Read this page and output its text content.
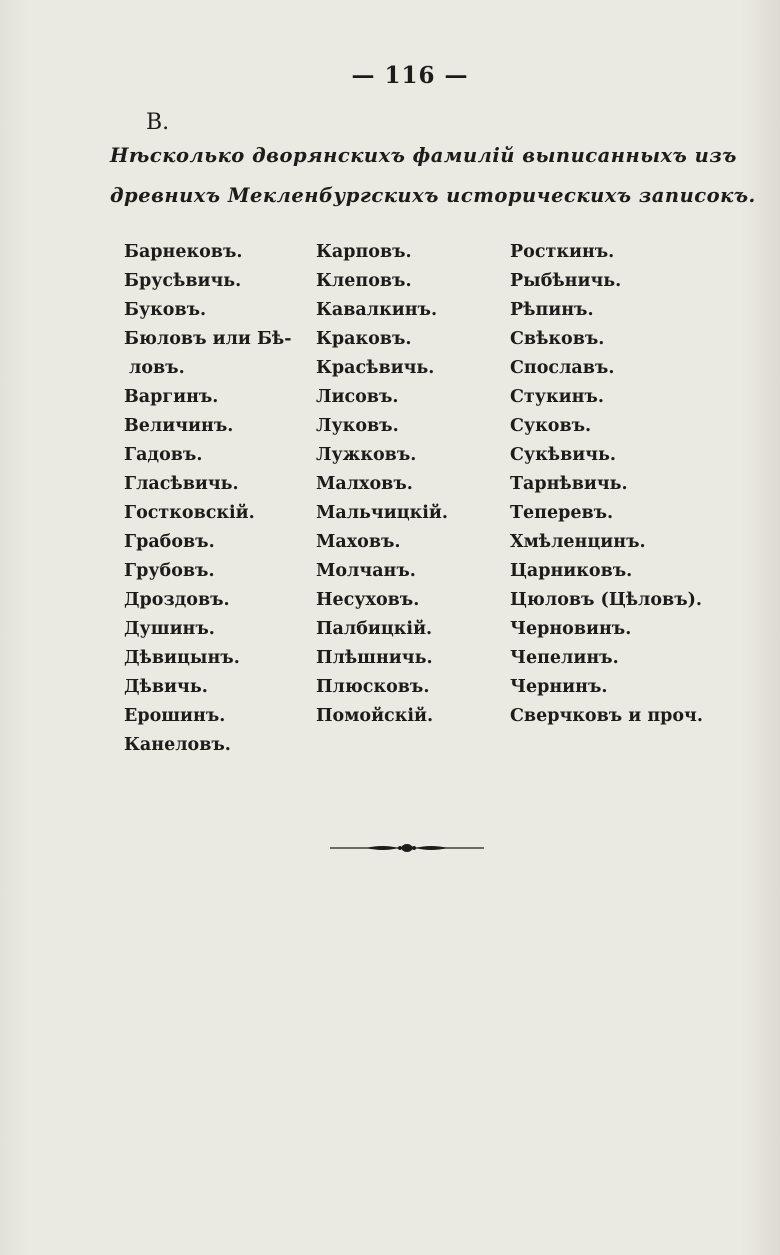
— 116 —
В.
Нѣсколько дворянскихъ фамилій выписанныхъ изъ
древнихъ Мекленбургскихъ историческихъ записокъ.
Барнековъ.
Брусѣвичь.
Буковъ.
Бюловъ или Бѣ-
ловъ.
Варгинъ.
Величинъ.
Гадовъ.
Гласѣвичь.
Гостковскій.
Грабовъ.
Грубовъ.
Дроздовъ.
Душинъ.
Дѣвицынъ.
Дѣвичь.
Ерошинъ.
Канеловъ.
Карповъ.
Клеповъ.
Кавалкинъ.
Краковъ.
Красѣвичь.
Лисовъ.
Луковъ.
Лужковъ.
Малховъ.
Мальчицкій.
Маховъ.
Молчанъ.
Несуховъ.
Палбицкій.
Плѣшничь.
Плюсковъ.
Помойскій.
Росткинъ.
Рыбѣничь.
Рѣпинъ.
Свѣковъ.
Спославъ.
Стукинъ.
Суковъ.
Сукѣвичь.
Тарнѣвичь.
Теперевъ.
Хмѣленцинъ.
Царниковъ.
Цюловъ (Цѣловъ).
Черновинъ.
Чепелинъ.
Чернинъ.
Сверчковъ и проч.
